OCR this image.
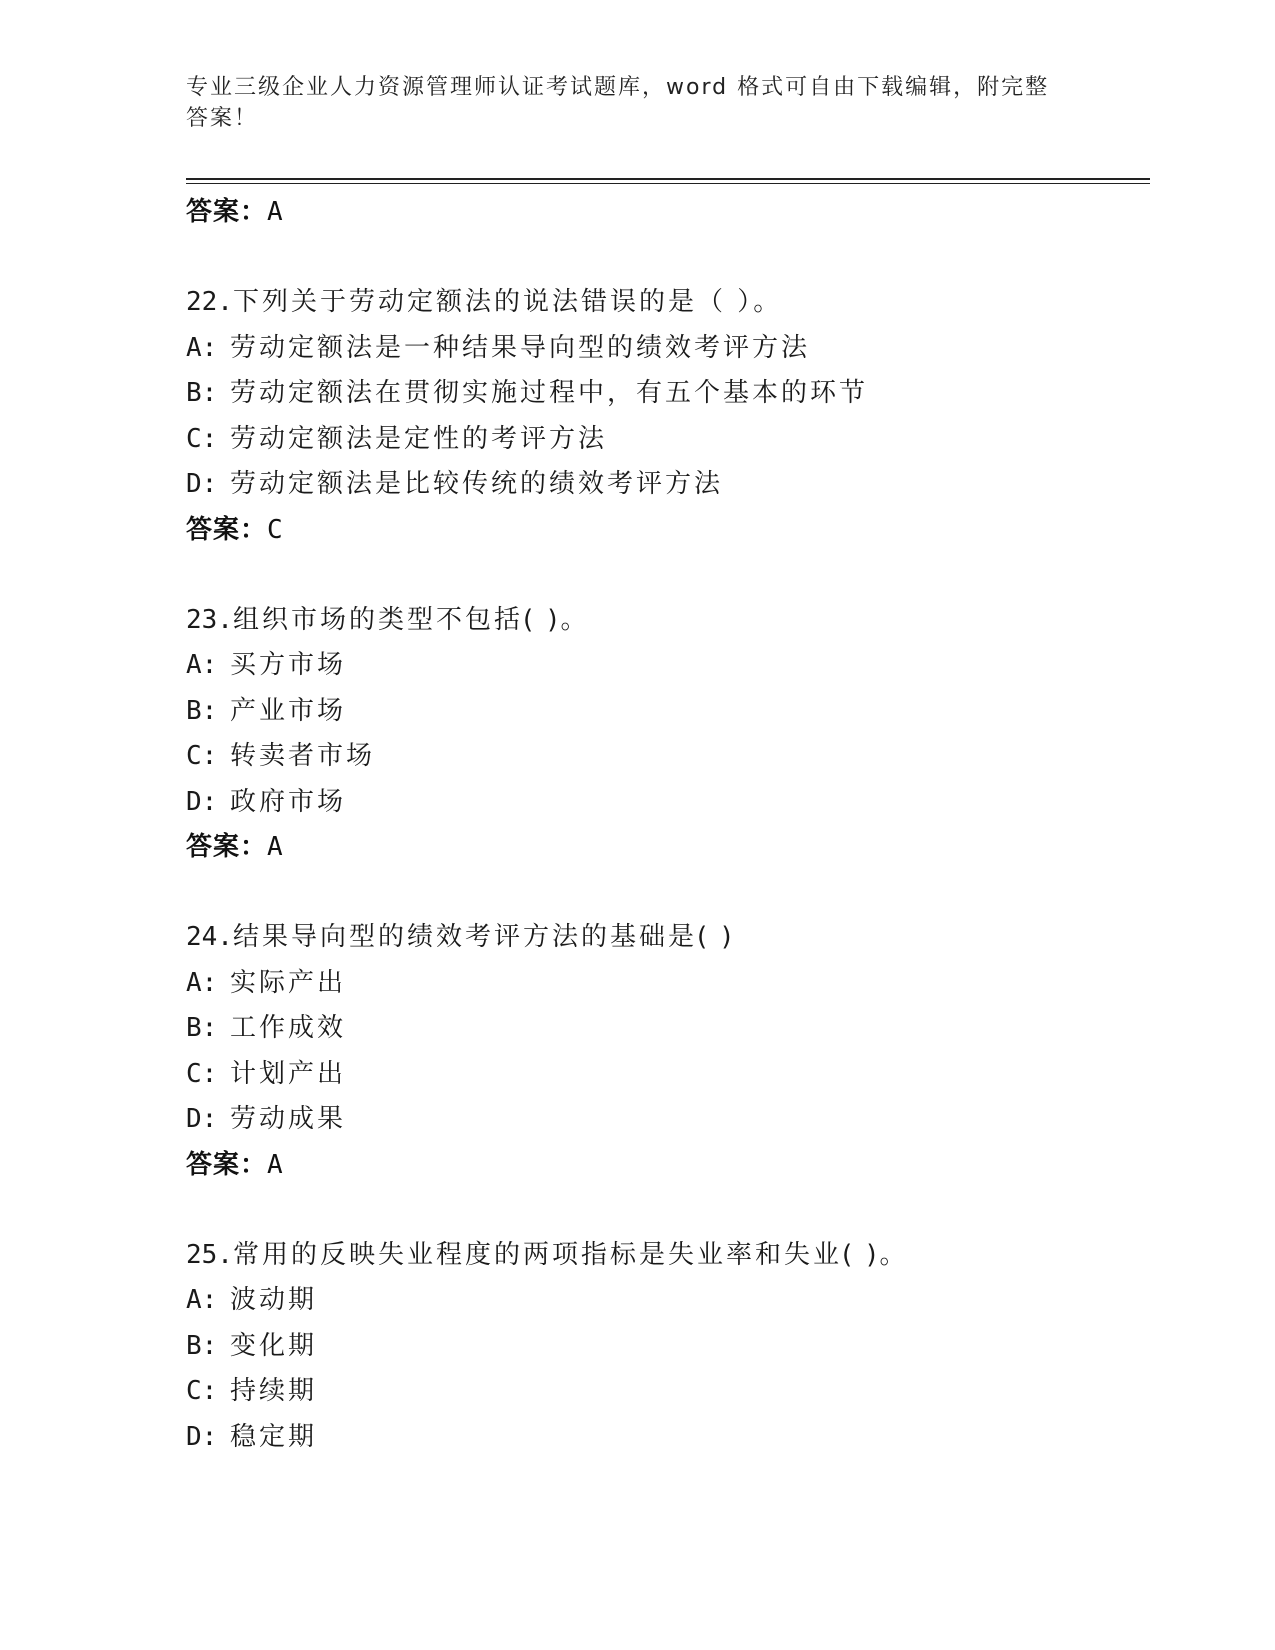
专业三级企业人力资源管理师认证考试题库，word 格式可自由下载编辑，附完整
答案！
答案：A
22.下列关于劳动定额法的说法错误的是（ ）。
A: 劳动定额法是一种结果导向型的绩效考评方法
B: 劳动定额法在贯彻实施过程中，有五个基本的环节
C: 劳动定额法是定性的考评方法
D: 劳动定额法是比较传统的绩效考评方法
答案：C
23.组织市场的类型不包括( )。
A: 买方市场
B: 产业市场
C: 转卖者市场
D: 政府市场
答案：A
24.结果导向型的绩效考评方法的基础是( )
A: 实际产出
B: 工作成效
C: 计划产出
D: 劳动成果
答案：A
25.常用的反映失业程度的两项指标是失业率和失业( )。
A: 波动期
B: 变化期
C: 持续期
D: 稳定期
